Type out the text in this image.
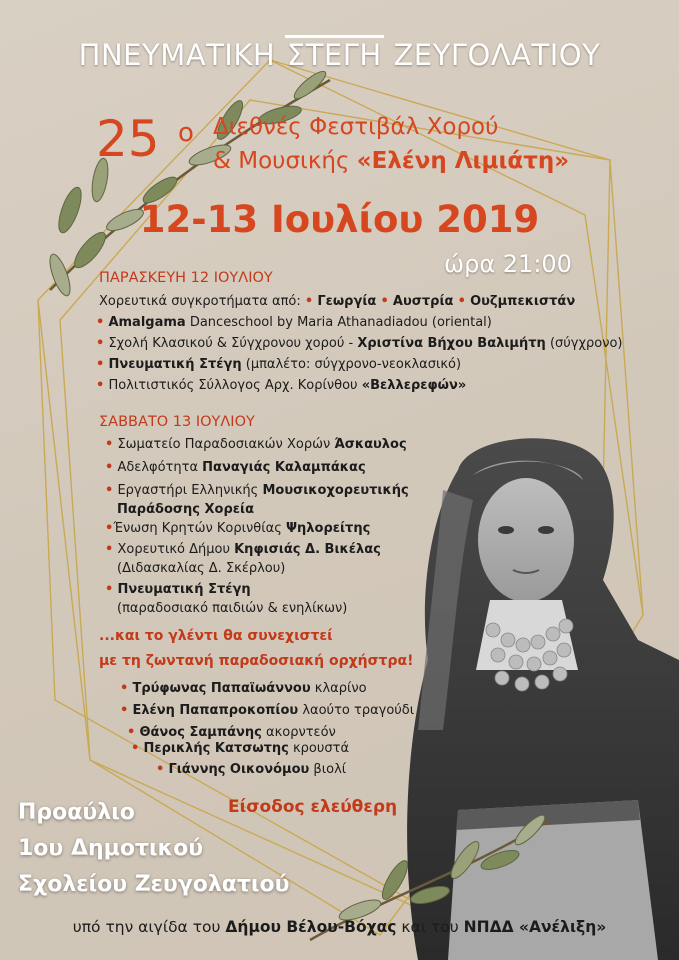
ΠΝΕΥΜΑΤΙΚΗ ΣΤΕΓΗ ΖΕΥΓΟΛΑΤΙΟΥ
25 ο Διεθνές Φεστιβάλ Χορού
& Μουσικής «Ελένη Λιμιάτη»
12-13 Ιουλίου 2019
ώρα 21:00
ΠΑΡΑΣΚΕΥΗ 12 ΙΟΥΛΙΟΥ
Χορευτικά συγκροτήματα από: • Γεωργία • Αυστρία • Ουζμπεκιστάν
• Amalgama Danceschool by Maria Athanadiadou (oriental)
• Σχολή Κλασικού & Σύγχρονου χορού - Χριστίνα Βήχου Βαλιμήτη (σύγχρονο)
• Πνευματική Στέγη (μπαλέτο: σύγχρονο-νεοκλασικό)
• Πολιτιστικός Σύλλογος Αρχ. Κορίνθου «Βελλερεφών»
ΣΑΒΒΑΤΟ 13 ΙΟΥΛΙΟΥ
• Σωματείο Παραδοσιακών Χορών Άσκαυλος
• Αδελφότητα Παναγιάς Καλαμπάκας
• Εργαστήρι Ελληνικής Μουσικοχορευτικής
Παράδοσης Χορεία
•Ένωση Κρητών Κορινθίας Ψηλορείτης
• Χορευτικό Δήμου Κηφισιάς Δ. Βικέλας
(Διδασκαλίας Δ. Σκέρλου)
• Πνευματική Στέγη
(παραδοσιακό παιδιών & ενηλίκων)
...και το γλέντι θα συνεχιστεί
με τη ζωντανή παραδοσιακή ορχήστρα!
• Τρύφωνας Παπαϊωάννου κλαρίνο
• Ελένη Παπαπροκοπίου λαούτο τραγούδι
• Θάνος Σαμπάνης ακορντεόν
• Περικλής Κατσωτης κρουστά
• Γιάννης Οικονόμου βιολί
Είσοδος ελεύθερη
Προαύλιο
1ου Δημοτικού
Σχολείου Ζευγολατιού
υπό την αιγίδα του Δήμου Βέλου-Βόχας και του ΝΠΔΔ «Ανέλιξη»
